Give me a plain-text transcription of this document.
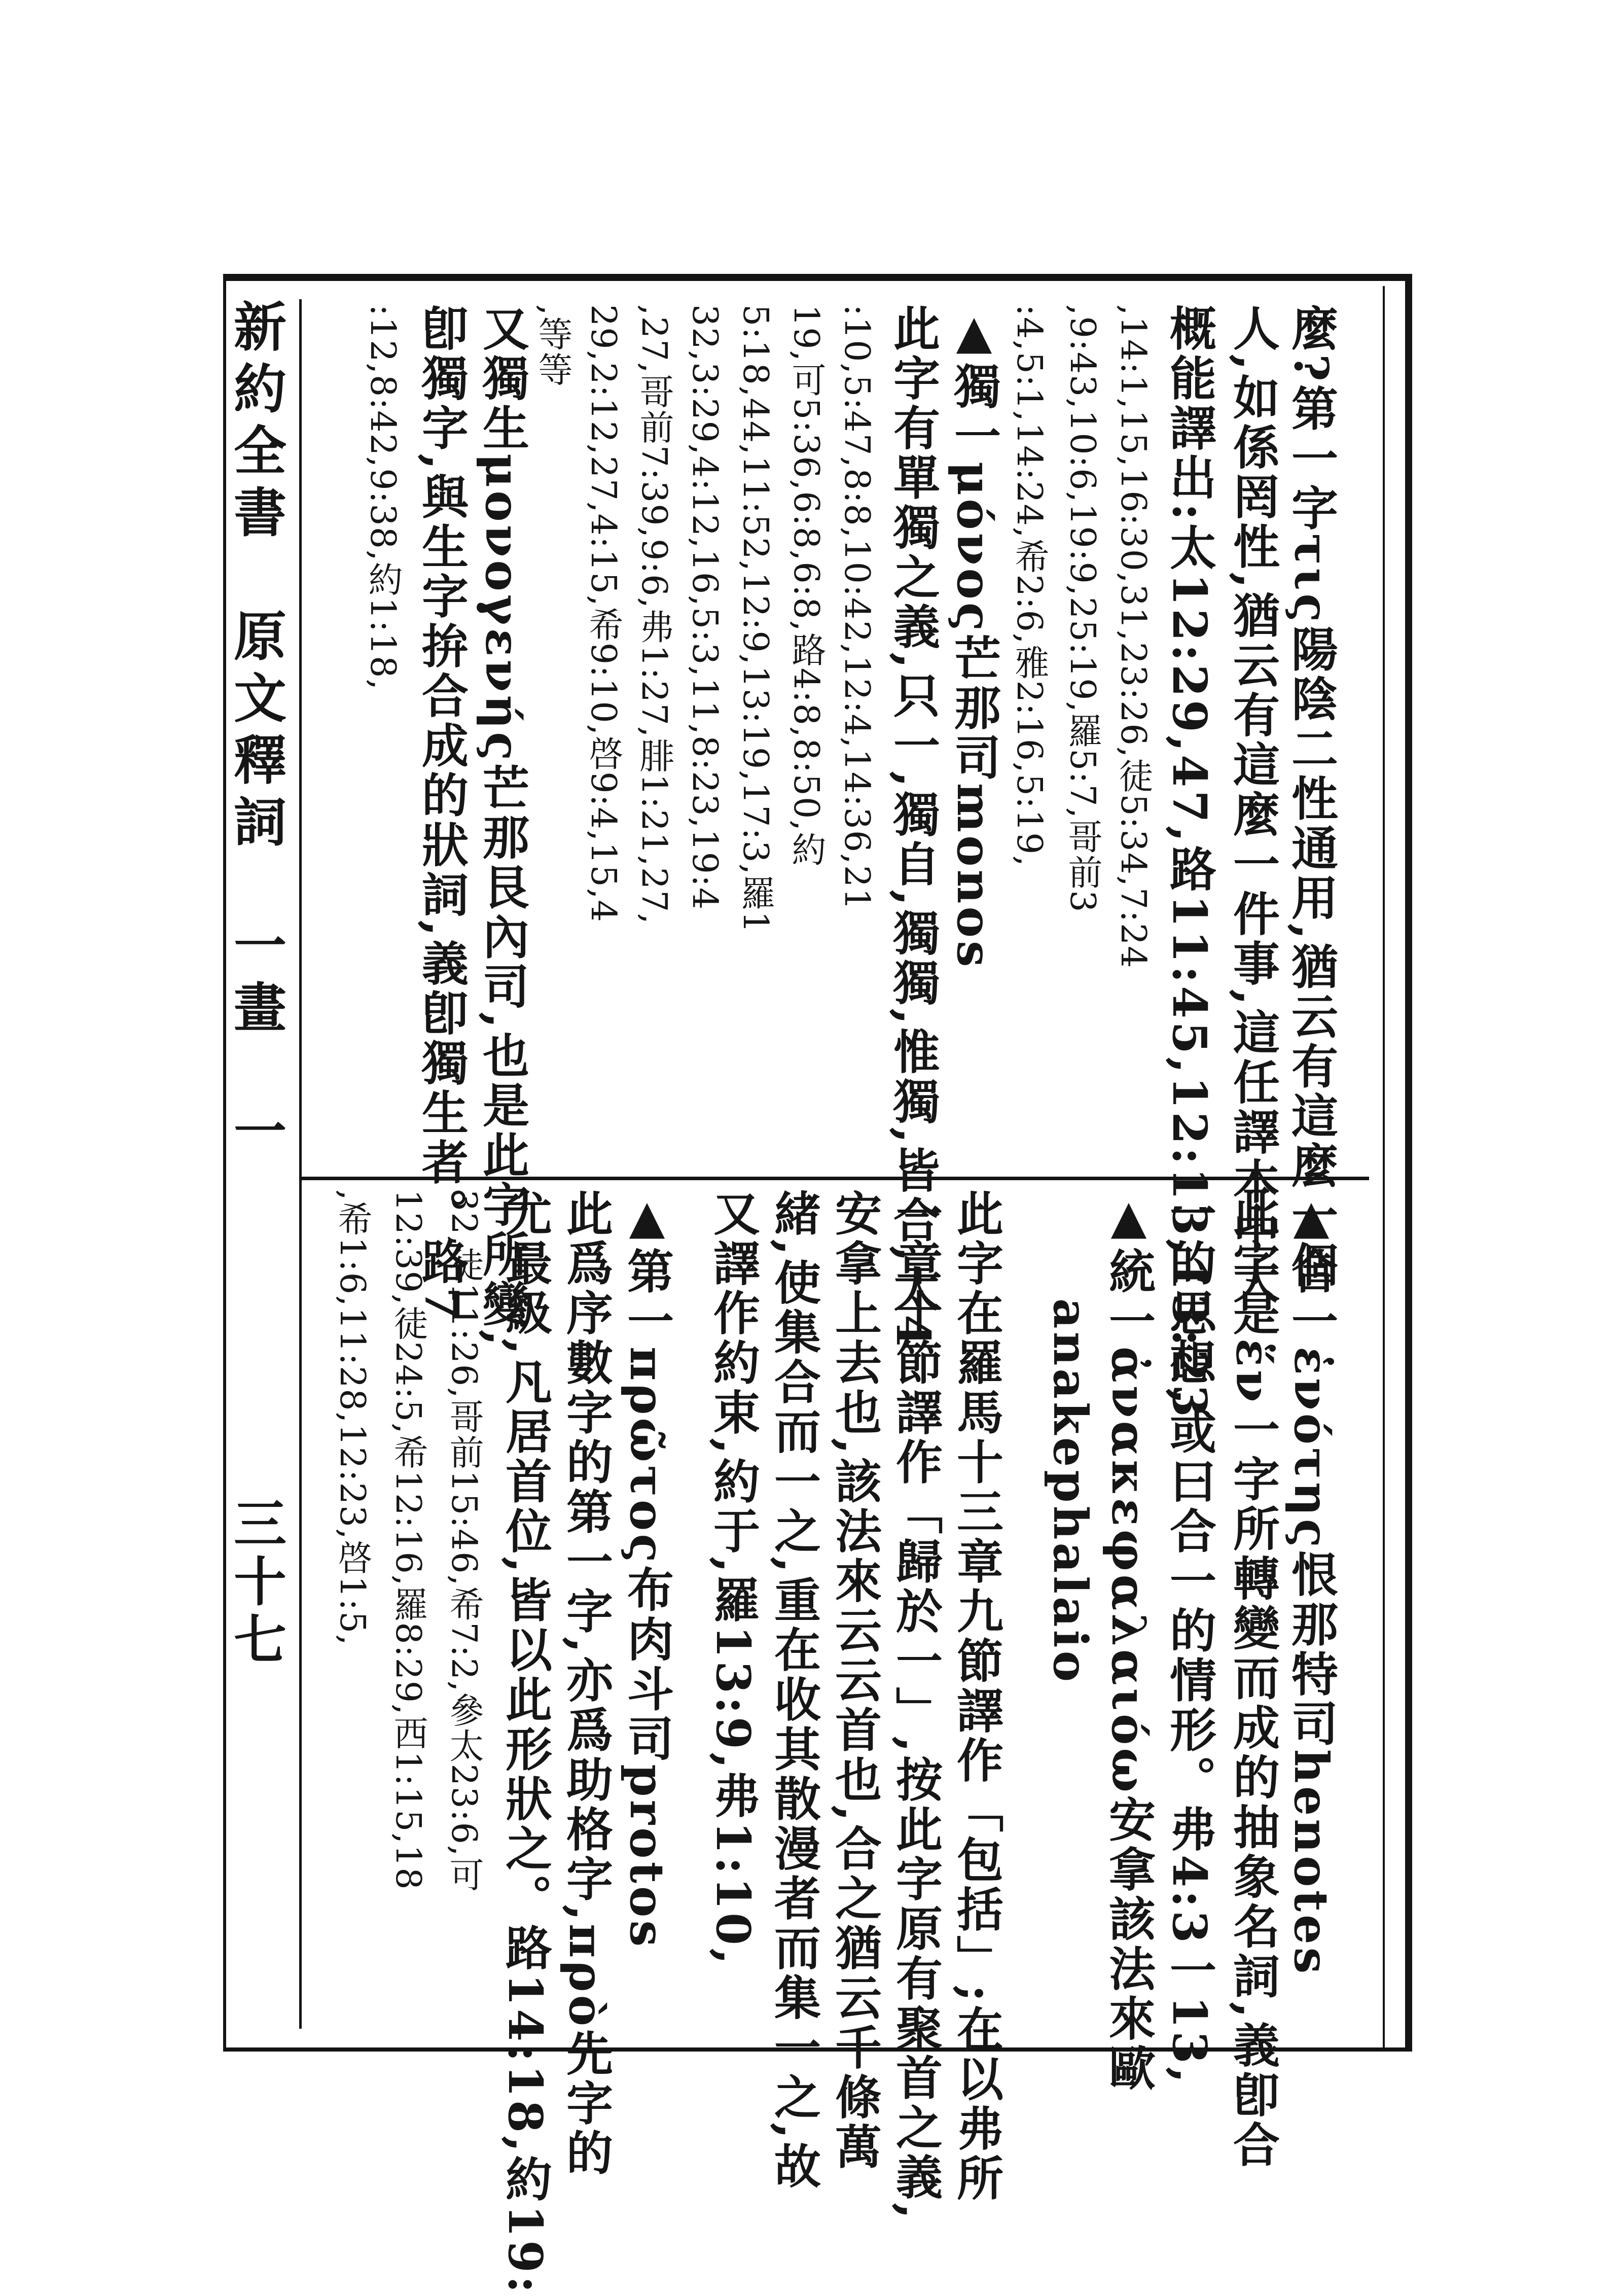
新約全書　原文釋詞　一畫　一
三十七
麼?第一字τις陽陰二性通用,猶云有這麼一個
人,如係罔性,猶云有這麼一件事,這任譯本中大
概能譯出:太12:29,47,路11:45,12:13,13:23
,14:1,15,16:30,31,23:26,徒5:34,7:24
,9:43,10:6,19:9,25:19,羅5:7,哥前3
:4,5:1,14:24,希2:6,雅2:16,5:19,
▲獨一μόνος芒那司monos
此字有單獨之義,只一,獨自,獨獨,惟獨,皆合,太4
:10,5:47,8:8,10:42,12:4,14:36,21
19,可5:36,6:8,6:8,路4:8,8:50,約
5:18,44,11:52,12:9,13:19,17:3,羅1
32,3:29,4:12,16,5:3,11,8:23,19:4
,27,哥前7:39,9:6,弗1:27,腓1:21,27,
29,2:12,27,4:15,希9:10,啓9:4,15,4
,等等
又獨生μονογενής芒那艮內司,也是此字所變,
卽獨字,與生字拚合成的狀詞,義卽獨生者。路7
:12,8:42,9:38,約1:18,
▲合一ἑνότης恨那特司henotes
此字是ἕν一字所轉變而成的抽象名詞,義卽合
一的思想,或曰合一的情形。弗4:3一13,
▲統一ἀνακεφαλαιόω安拿該法來歐
anakephalaio
此字在羅馬十三章九節譯作「包括」;在以弗所
一章十節譯作「歸於一」,按此字原有聚首之義,
安拿上去也,該法來云云首也,合之猶云千條萬
緒,使集合而一之,重在收其散漫者而集一之,故
又譯作約束,約于,羅13:9,弗1:10,
▲第一πρῶτος布肉斗司protos
此爲序數字的第一字,亦爲助格字,πρὸ先字的
尤最級,凡居首位,皆以此形狀之。路14:18,約19:
32,徒11:26,哥前15:46,希7:2,參太23:6,可
12:39,徒24:5,希12:16,羅8:29,西1:15,18
,希1:6,11:28,12:23,啓1:5,
